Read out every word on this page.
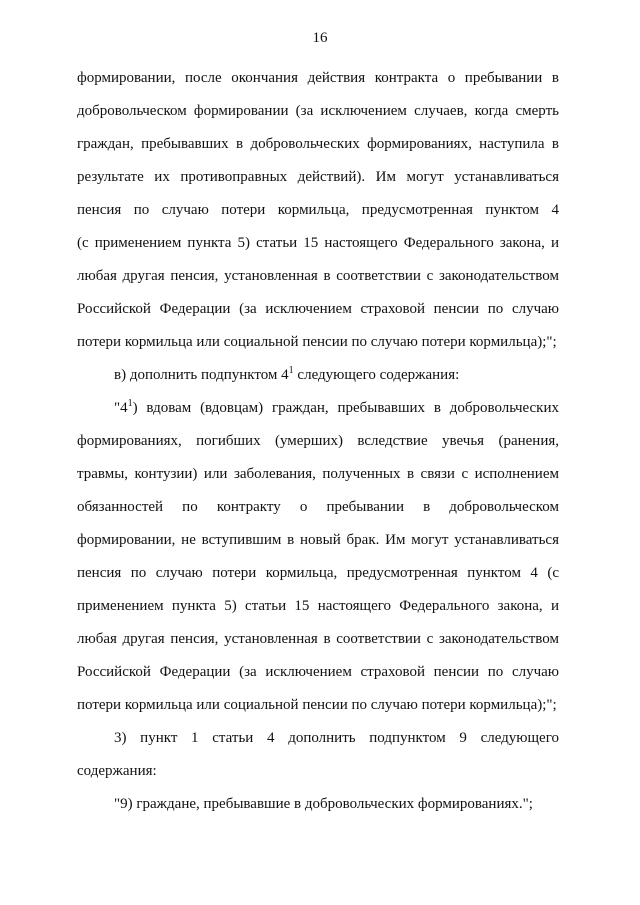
16
формировании, после окончания действия контракта о пребывании в
добровольческом формировании (за исключением случаев, когда смерть
граждан, пребывавших в добровольческих формированиях, наступила в
результате их противоправных действий). Им могут устанавливаться
пенсия по случаю потери кормильца, предусмотренная пунктом 4
(с применением пункта 5) статьи 15 настоящего Федерального закона, и
любая другая пенсия, установленная в соответствии с законодательством
Российской Федерации (за исключением страховой пенсии по случаю
потери кормильца или социальной пенсии по случаю потери кормильца);";
в) дополнить подпунктом $4^1$ следующего содержания:
"$4^1$) вдовам (вдовцам) граждан, пребывавших в добровольческих
формированиях, погибших (умерших) вследствие увечья (ранения,
травмы, контузии) или заболевания, полученных в связи с исполнением
обязанностей по контракту о пребывании в добровольческом
формировании, не вступившим в новый брак. Им могут устанавливаться
пенсия по случаю потери кормильца, предусмотренная пунктом 4 (с
применением пункта 5) статьи 15 настоящего Федерального закона, и
любая другая пенсия, установленная в соответствии с законодательством
Российской Федерации (за исключением страховой пенсии по случаю
потери кормильца или социальной пенсии по случаю потери кормильца);";
3) пункт 1 статьи 4 дополнить подпунктом 9 следующего
содержания:
"9) граждане, пребывавшие в добровольческих формированиях.";
